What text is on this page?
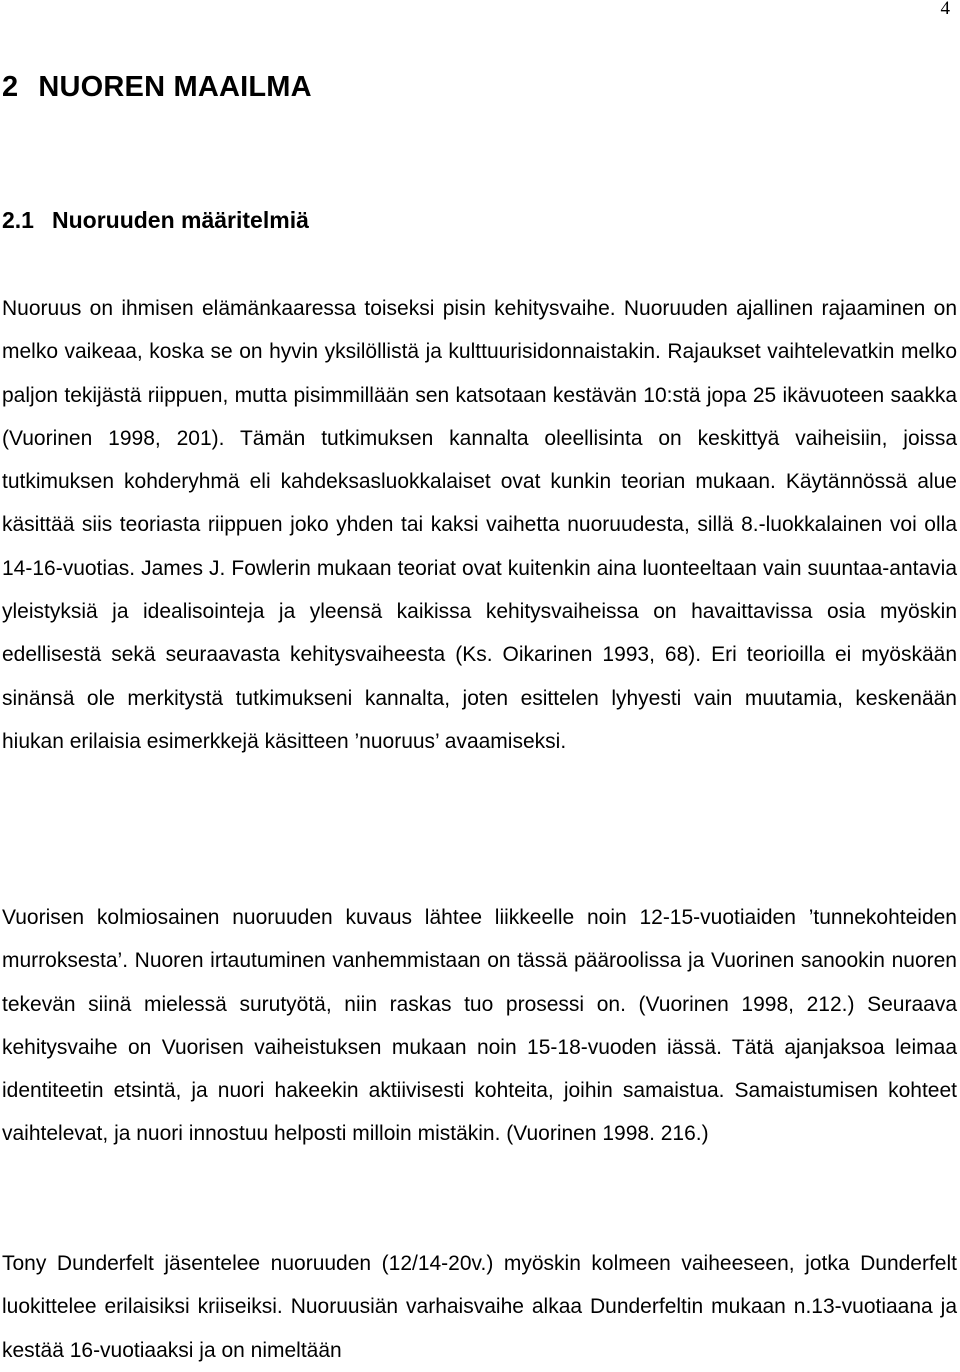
4
2 NUOREN MAAILMA
2.1 Nuoruuden määritelmiä

Nuoruus on ihmisen elämänkaaressa toiseksi pisin kehitysvaihe. Nuoruuden ajallinen rajaaminen on melko vaikeaa, koska se on hyvin yksilöllistä ja kulttuurisidonnaistakin. Rajaukset vaihtelevatkin melko paljon tekijästä riippuen, mutta pisimmillään sen katsotaan kestävän 10:stä jopa 25 ikävuoteen saakka (Vuorinen 1998, 201). Tämän tutkimuksen kannalta oleellisinta on keskittyä vaiheisiin, joissa tutkimuksen kohderyhmä eli kahdeksasluokkalaiset ovat kunkin teorian mukaan. Käytännössä alue käsittää siis teoriasta riippuen joko yhden tai kaksi vaihetta nuoruudesta, sillä 8.-luokkalainen voi olla 14-16-vuotias. James J. Fowlerin mukaan teoriat ovat kuitenkin aina luonteeltaan vain suuntaa-antavia yleistyksiä ja idealisointeja ja yleensä kaikissa kehitysvaiheissa on havaittavissa osia myöskin edellisestä sekä seuraavasta kehitysvaiheesta (Ks. Oikarinen 1993, 68). Eri teorioilla ei myöskään sinänsä ole merkitystä tutkimukseni kannalta, joten esittelen lyhyesti vain muutamia, keskenään hiukan erilaisia esimerkkejä käsitteen ’nuoruus’ avaamiseksi.

Vuorisen kolmiosainen nuoruuden kuvaus lähtee liikkeelle noin 12-15-vuotiaiden ’tunnekohteiden murroksesta’. Nuoren irtautuminen vanhemmistaan on tässä pääroolissa ja Vuorinen sanookin nuoren tekevän siinä mielessä surutyötä, niin raskas tuo prosessi on. (Vuorinen 1998, 212.) Seuraava kehitysvaihe on Vuorisen vaiheistuksen mukaan noin 15-18-vuoden iässä. Tätä ajanjaksoa leimaa identiteetin etsintä, ja nuori hakeekin aktiivisesti kohteita, joihin samaistua. Samaistumisen kohteet vaihtelevat, ja nuori innostuu helposti milloin mistäkin. (Vuorinen 1998. 216.)

Tony Dunderfelt jäsentelee nuoruuden (12/14-20v.) myöskin kolmeen vaiheeseen, jotka Dunderfelt luokittelee erilaisiksi kriiseiksi. Nuoruusiän varhaisvaihe alkaa Dunderfeltin mukaan n.13-vuotiaana ja kestää 16-vuotiaaksi ja on nimeltään
